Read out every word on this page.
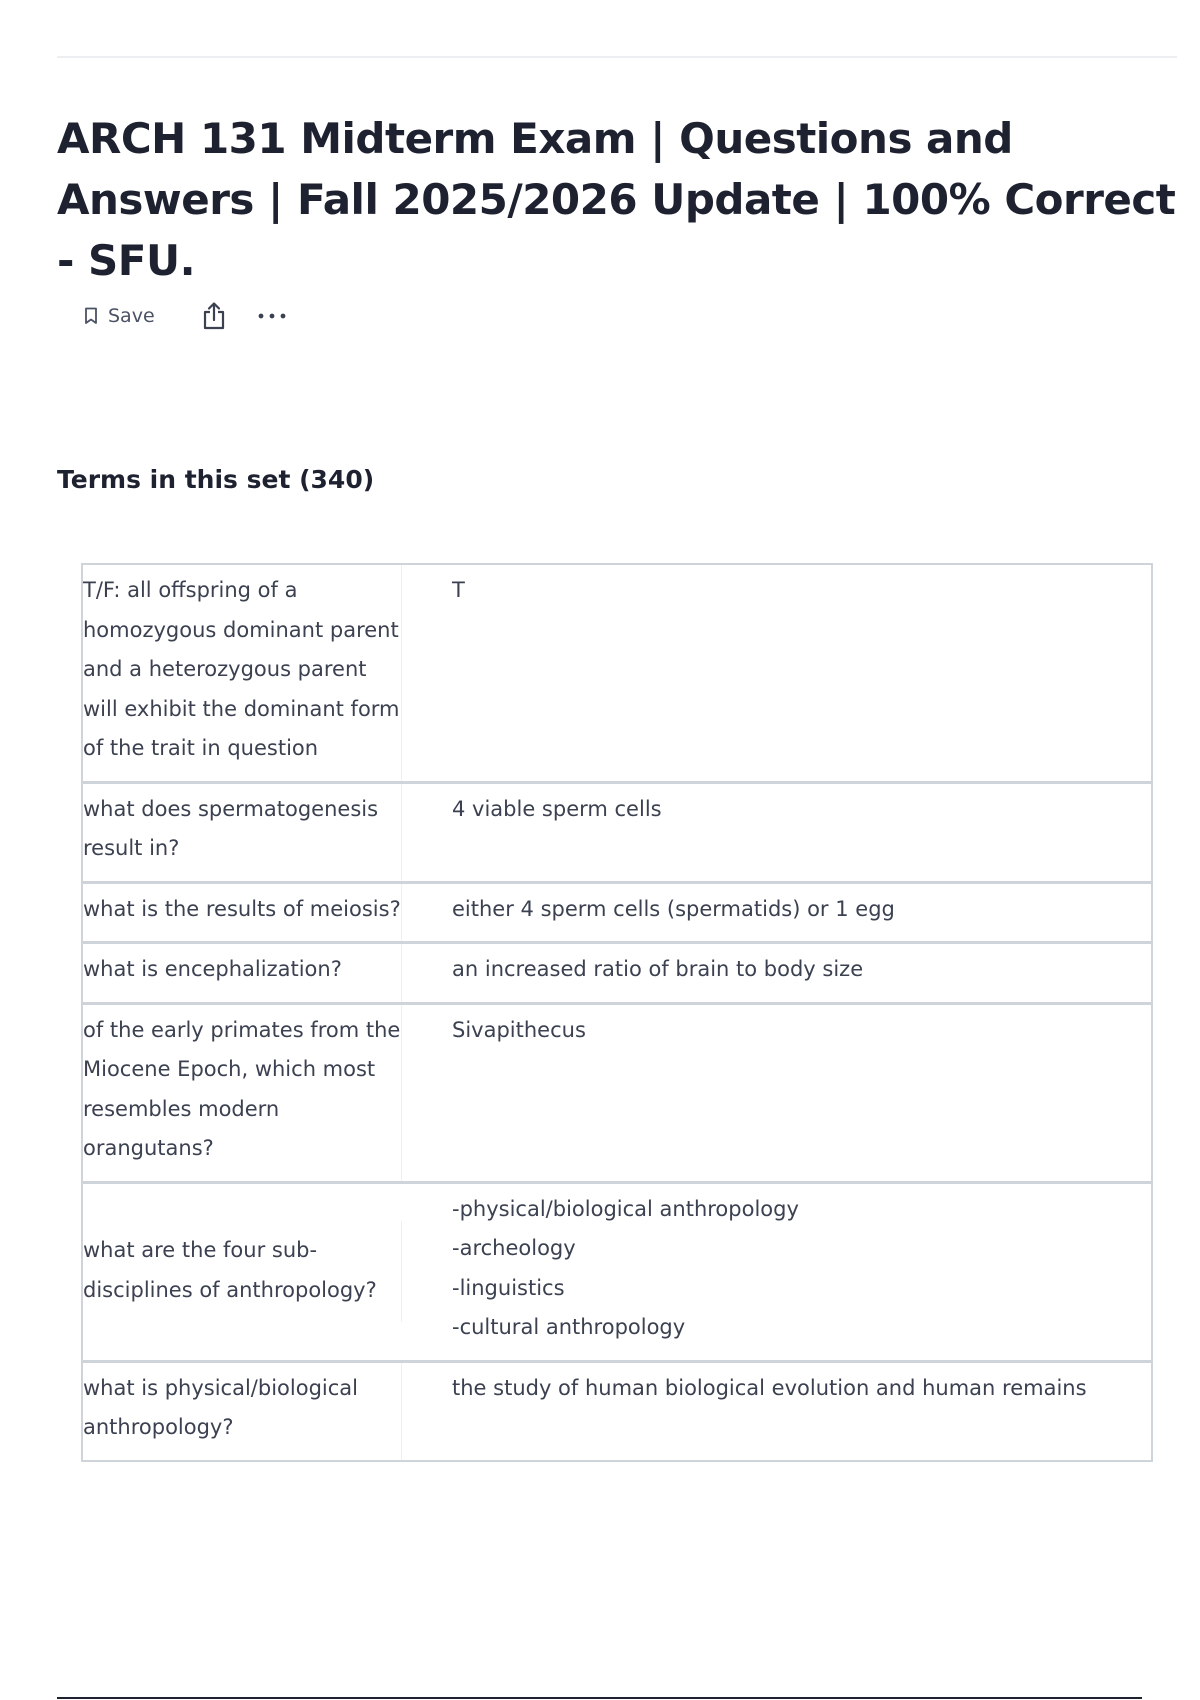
ARCH 131 Midterm Exam | Questions and Answers | Fall 2025/2026 Update | 100% Correct - SFU.
Save
Terms in this set (340)
T/F: all offspring of a homozygous dominant parent and a heterozygous parent will exhibit the dominant form of the trait in question
T
what does spermatogenesis result in?
4 viable sperm cells
what is the results of meiosis?	either 4 sperm cells (spermatids) or 1 egg
what is encephalization?	an increased ratio of brain to body size
of the early primates from the Miocene Epoch, which most resembles modern orangutans?
Sivapithecus
what are the four sub-disciplines of anthropology?
-physical/biological anthropology
-archeology
-linguistics
-cultural anthropology
what is physical/biological anthropology?
the study of human biological evolution and human remains
